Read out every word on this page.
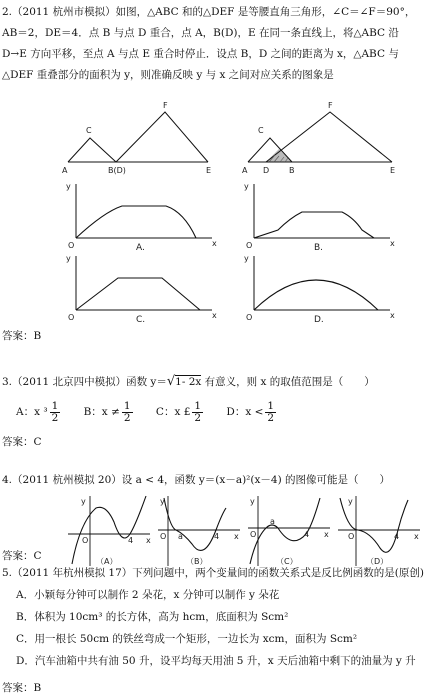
2.（2011 杭州市模拟）如图，△ABC 和的△DEF 是等腰直角三角形，∠C＝∠F＝90°，
AB＝2，DE＝4．点 B 与点 D 重合，点 A，B(D)，E 在同一条直线上，将△ABC 沿
D→E 方向平移，至点 A 与点 E 重合时停止．设点 B，D 之间的距离为 x，△ABC 与
△DEF 重叠部分的面积为 y，则准确反映 y 与 x 之间对应关系的图象是
A	B(D)
C
F
E
C
F
A D B	E
y
O	x
A.
y
O	x
B.
y
O	x
C.
y
O	x
D.
答案：B
3.（2011 北京四中模拟）函数 y＝√1- 2x 有意义，则 x 的取值范围是（　　）
A：x $^3 \frac{1}{2}$ B：$x \ne \frac{1}{2}$ C：x £ $\frac{1}{2}$ D：$x < \frac{1}{2}$
答案：C
4.（2011 杭州模拟 20）设 a < 4，函数 y＝(x－a)²(x－4) 的图像可能是（　　）
y
O	4 x
（A）
y
O a	4 x
（B）
y
O
a
4 x
（C）
y
O	4 x
（D）
答案：C
5.（2011 年杭州模拟 17）下列问题中，两个变量间的函数关系式是反比例函数的是(原创)
A．小颖每分钟可以制作 2 朵花，x 分钟可以制作 y 朵花
B．体积为 10cm³ 的长方体，高为 hcm，底面积为 Scm²
C．用一根长 50cm 的铁丝弯成一个矩形，一边长为 xcm，面积为 Scm²
D．汽车油箱中共有油 50 升，设平均每天用油 5 升，x 天后油箱中剩下的油量为 y 升
答案：B
